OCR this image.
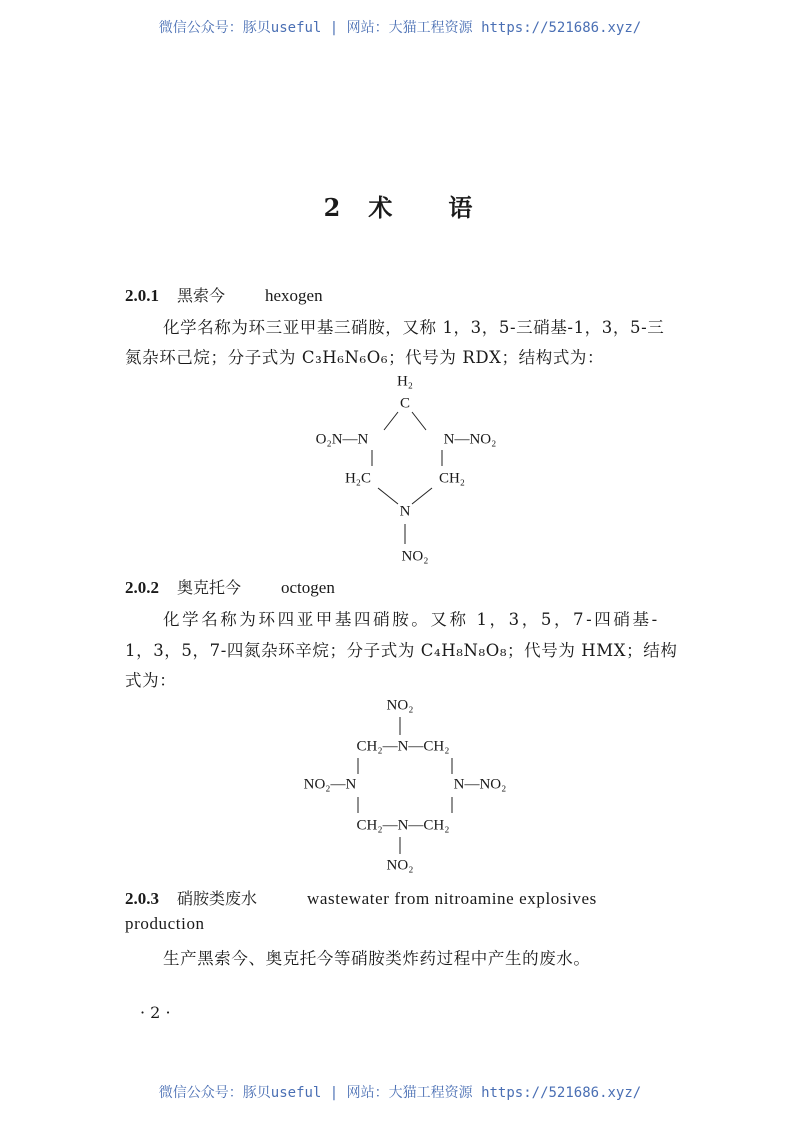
微信公众号：豚贝useful | 网站：大猫工程资源 https://521686.xyz/
2 术 语
2.0.1 黑索今 hexogen
化学名称为环三亚甲基三硝胺，又称 1，3，5-三硝基-1，3，5-三
氮杂环己烷；分子式为 C₃H₆N₆O₆；代号为 RDX；结构式为：
H₂
C
O₂N—N	N—NO₂
H₂C	CH₂
N
NO₂
2.0.2 奥克托今 octogen
化学名称为环四亚甲基四硝胺。又称 1，3，5，7-四硝基-
1，3，5，7-四氮杂环辛烷；分子式为 C₄H₈N₈O₈；代号为 HMX；结构
式为：
NO₂
CH₂—N—CH₂
NO₂—N	N—NO₂
CH₂—N—CH₂
NO₂
2.0.3 硝胺类废水	wastewater from nitroamine explosives
production
生产黑索今、奥克托今等硝胺类炸药过程中产生的废水。
· 2 ·
微信公众号：豚贝useful | 网站：大猫工程资源 https://521686.xyz/
